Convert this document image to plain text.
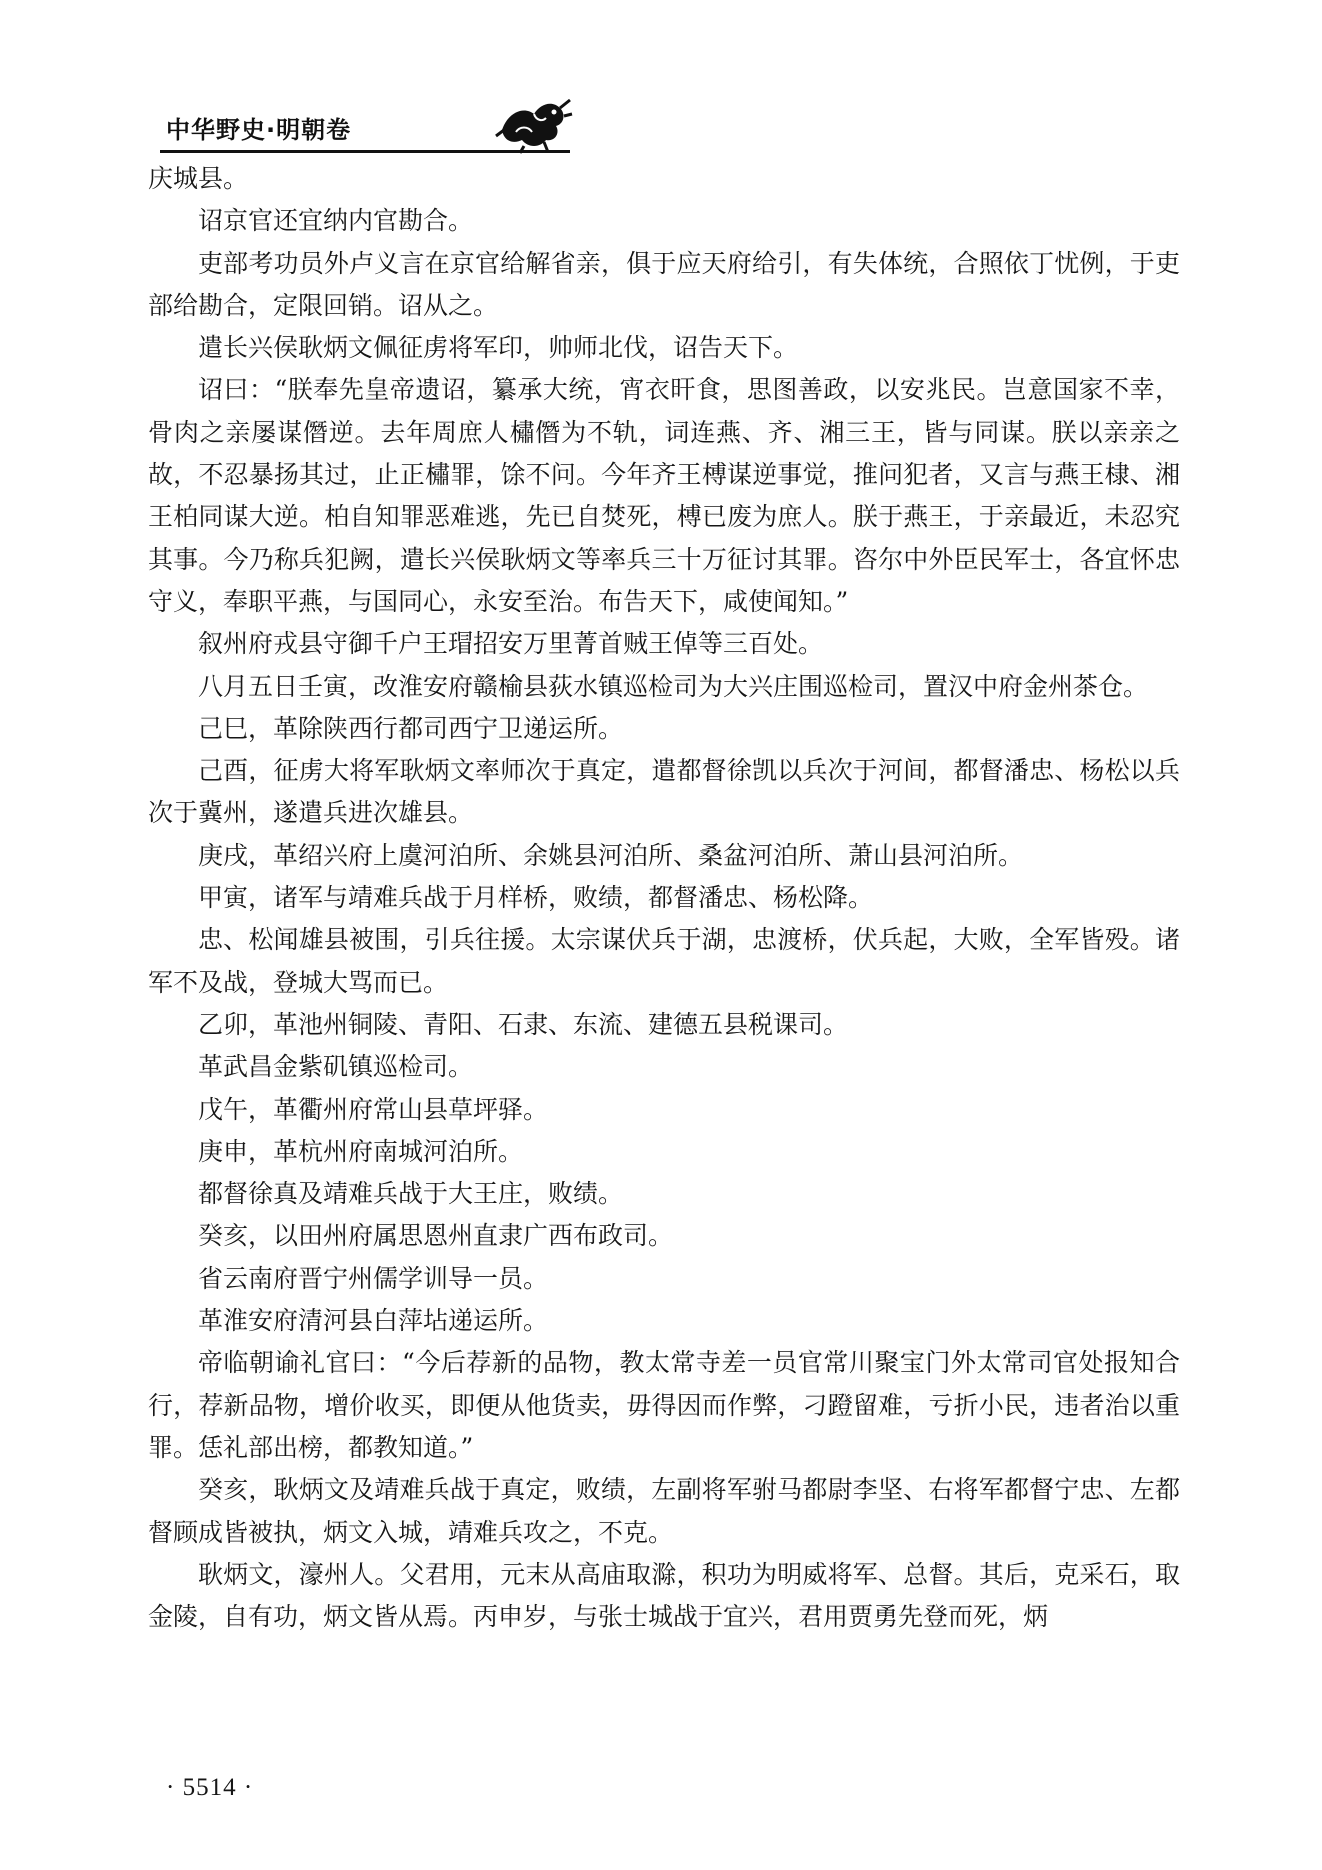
中华野史·明朝卷

庆城县。

诏京官还宜纳内官勘合。

吏部考功员外卢义言在京官给解省亲，俱于应天府给引，有失体统，合照依丁忧例，于吏部给勘合，定限回销。诏从之。

遣长兴侯耿炳文佩征虏将军印，帅师北伐，诏告天下。

诏曰：“朕奉先皇帝遗诏，纂承大统，宵衣旰食，思图善政，以安兆民。岂意国家不幸，骨肉之亲屡谋僭逆。去年周庶人橚僭为不轨，词连燕、齐、湘三王，皆与同谋。朕以亲亲之故，不忍暴扬其过，止正橚罪，馀不问。今年齐王榑谋逆事觉，推问犯者，又言与燕王棣、湘王柏同谋大逆。柏自知罪恶难逃，先已自焚死，榑已废为庶人。朕于燕王，于亲最近，未忍究其事。今乃称兵犯阙，遣长兴侯耿炳文等率兵三十万征讨其罪。咨尔中外臣民军士，各宜怀忠守义，奉职平燕，与国同心，永安至治。布告天下，咸使闻知。”

叙州府戎县守御千户王瑁招安万里菁首贼王倬等三百处。

八月五日壬寅，改淮安府赣榆县荻水镇巡检司为大兴庄围巡检司，置汉中府金州茶仓。

己巳，革除陕西行都司西宁卫递运所。

己酉，征虏大将军耿炳文率师次于真定，遣都督徐凯以兵次于河间，都督潘忠、杨松以兵次于冀州，遂遣兵进次雄县。

庚戌，革绍兴府上虞河泊所、余姚县河泊所、桑盆河泊所、萧山县河泊所。

甲寅，诸军与靖难兵战于月样桥，败绩，都督潘忠、杨松降。

忠、松闻雄县被围，引兵往援。太宗谋伏兵于湖，忠渡桥，伏兵起，大败，全军皆殁。诸军不及战，登城大骂而已。

乙卯，革池州铜陵、青阳、石隶、东流、建德五县税课司。

革武昌金紫矶镇巡检司。

戊午，革衢州府常山县草坪驿。

庚申，革杭州府南城河泊所。

都督徐真及靖难兵战于大王庄，败绩。

癸亥，以田州府属思恩州直隶广西布政司。

省云南府晋宁州儒学训导一员。

革淮安府清河县白萍坫递运所。

帝临朝谕礼官曰：“今后荐新的品物，教太常寺差一员官常川聚宝门外太常司官处报知合行，荐新品物，增价收买，即便从他货卖，毋得因而作弊，刁蹬留难，亏折小民，违者治以重罪。恁礼部出榜，都教知道。”

癸亥，耿炳文及靖难兵战于真定，败绩，左副将军驸马都尉李坚、右将军都督宁忠、左都督顾成皆被执，炳文入城，靖难兵攻之，不克。

耿炳文，濠州人。父君用，元末从高庙取滁，积功为明威将军、总督。其后，克采石，取金陵，自有功，炳文皆从焉。丙申岁，与张士城战于宜兴，君用贾勇先登而死，炳

· 5514 ·
